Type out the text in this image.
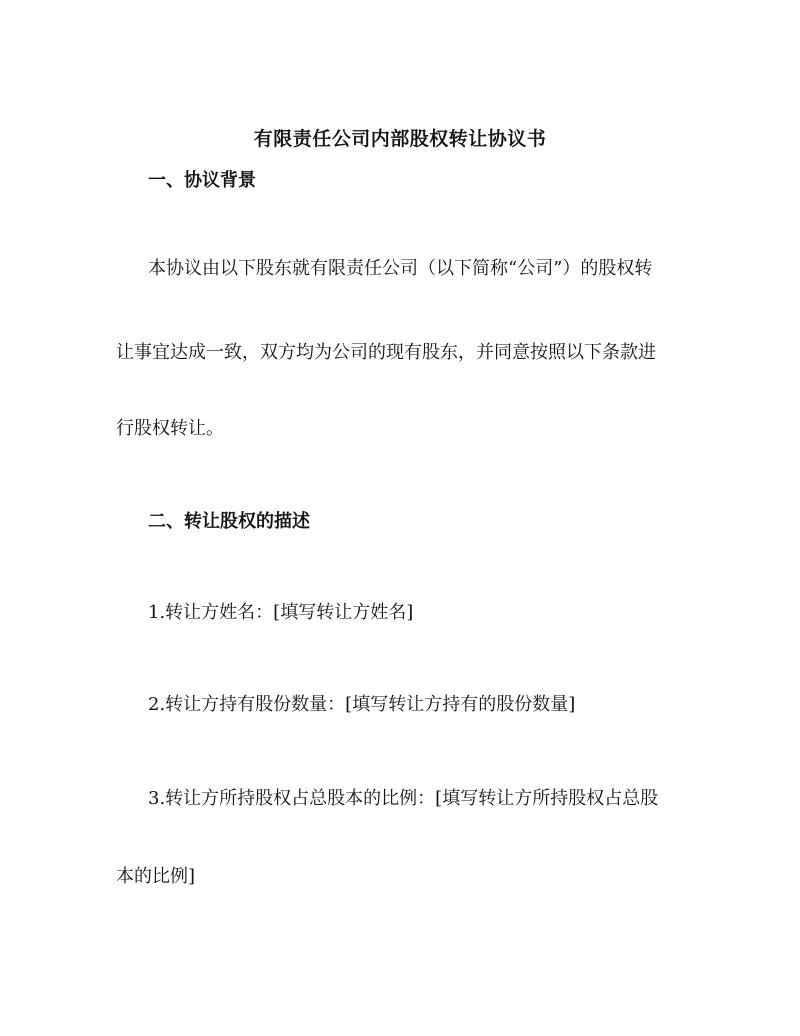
有限责任公司内部股权转让协议书
一、协议背景
本协议由以下股东就有限责任公司（以下简称“公司”）的股权转
让事宜达成一致，双方均为公司的现有股东，并同意按照以下条款进
行股权转让。
二、转让股权的描述
1.转让方姓名：[填写转让方姓名]
2.转让方持有股份数量：[填写转让方持有的股份数量]
3.转让方所持股权占总股本的比例：[填写转让方所持股权占总股
本的比例]
